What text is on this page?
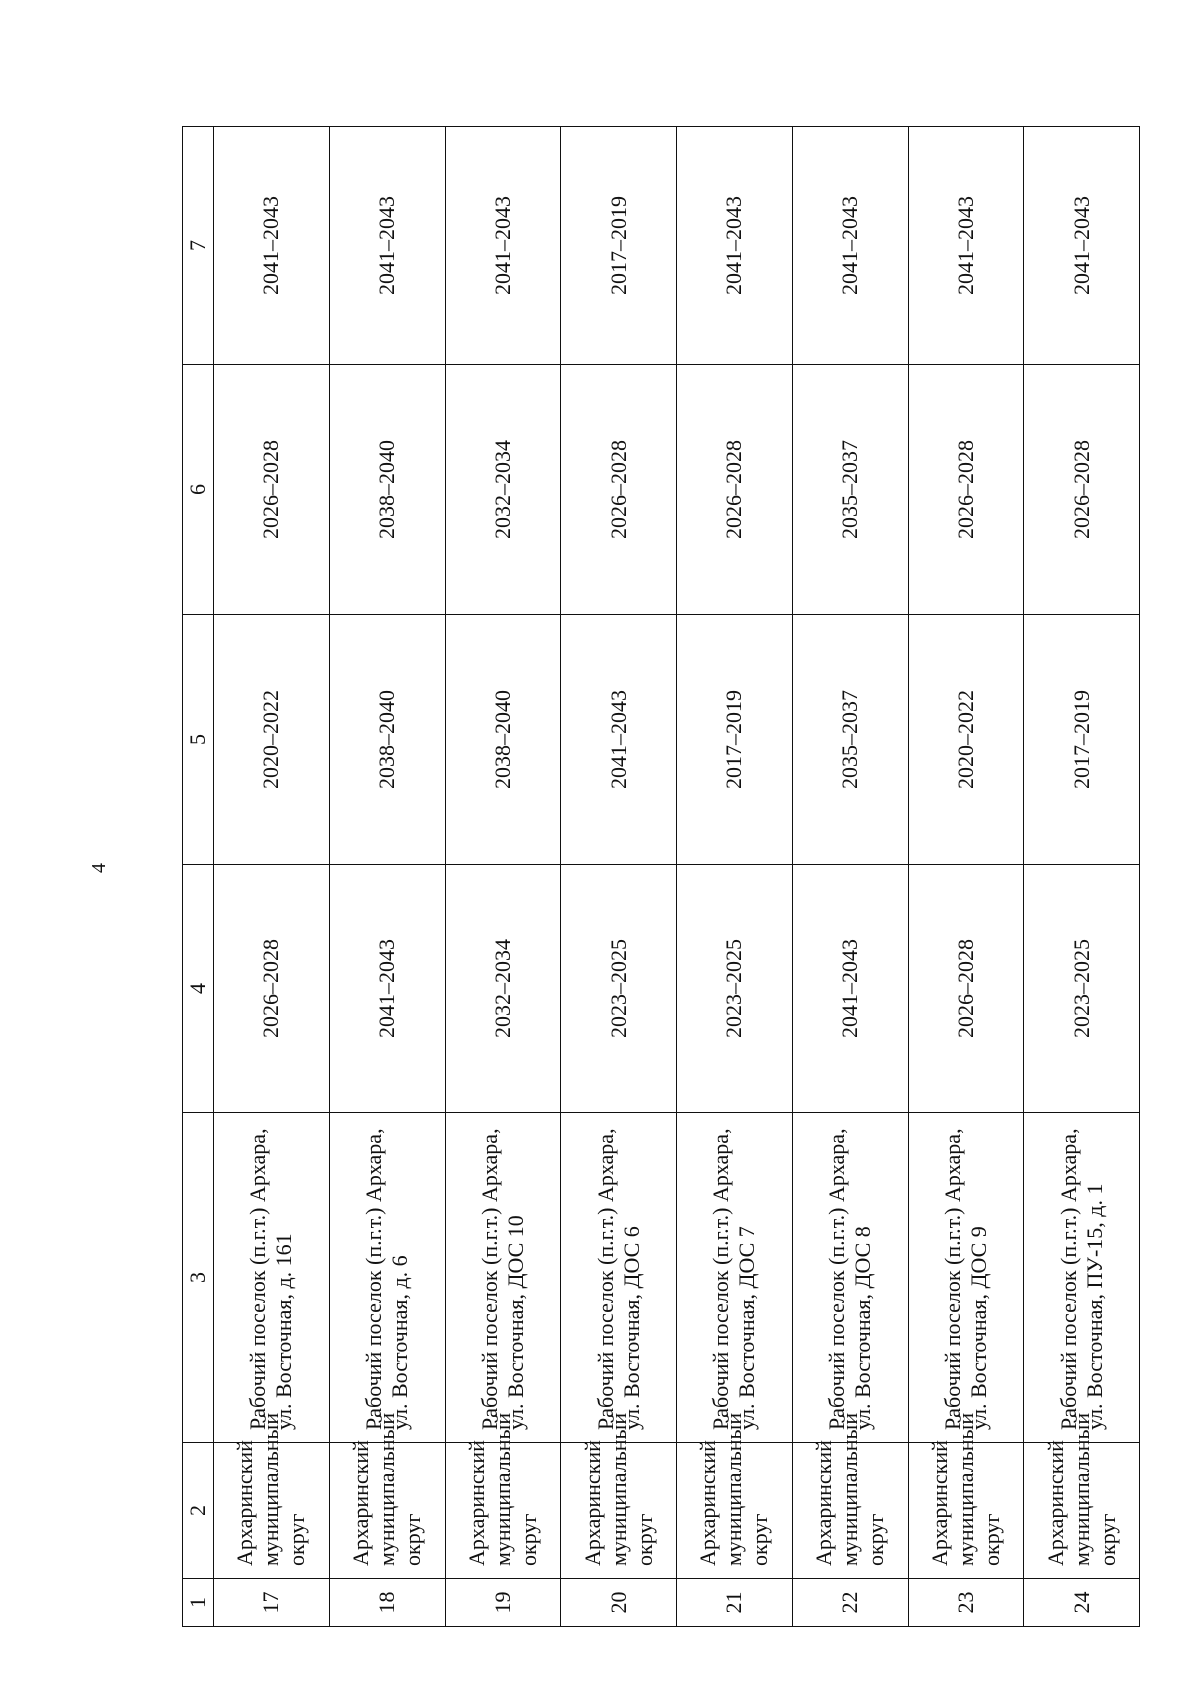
4
1	2	3	4	5	6	7
17	Архаринский муниципальный округ	Рабочий поселок (п.г.т.) Архара, ул. Восточная, д. 161	2026–2028	2020–2022	2026–2028	2041–2043
18	Архаринский муниципальный округ	Рабочий поселок (п.г.т.) Архара, ул. Восточная, д. 6	2041–2043	2038–2040	2038–2040	2041–2043
19	Архаринский муниципальный округ	Рабочий поселок (п.г.т.) Архара, ул. Восточная, ДОС 10	2032–2034	2038–2040	2032–2034	2041–2043
20	Архаринский муниципальный округ	Рабочий поселок (п.г.т.) Архара, ул. Восточная, ДОС 6	2023–2025	2041–2043	2026–2028	2017–2019
21	Архаринский муниципальный округ	Рабочий поселок (п.г.т.) Архара, ул. Восточная, ДОС 7	2023–2025	2017–2019	2026–2028	2041–2043
22	Архаринский муниципальный округ	Рабочий поселок (п.г.т.) Архара, ул. Восточная, ДОС 8	2041–2043	2035–2037	2035–2037	2041–2043
23	Архаринский муниципальный округ	Рабочий поселок (п.г.т.) Архара, ул. Восточная, ДОС 9	2026–2028	2020–2022	2026–2028	2041–2043
24	Архаринский муниципальный округ	Рабочий поселок (п.г.т.) Архара, ул. Восточная, ПУ-15, д. 1	2023–2025	2017–2019	2026–2028	2041–2043
